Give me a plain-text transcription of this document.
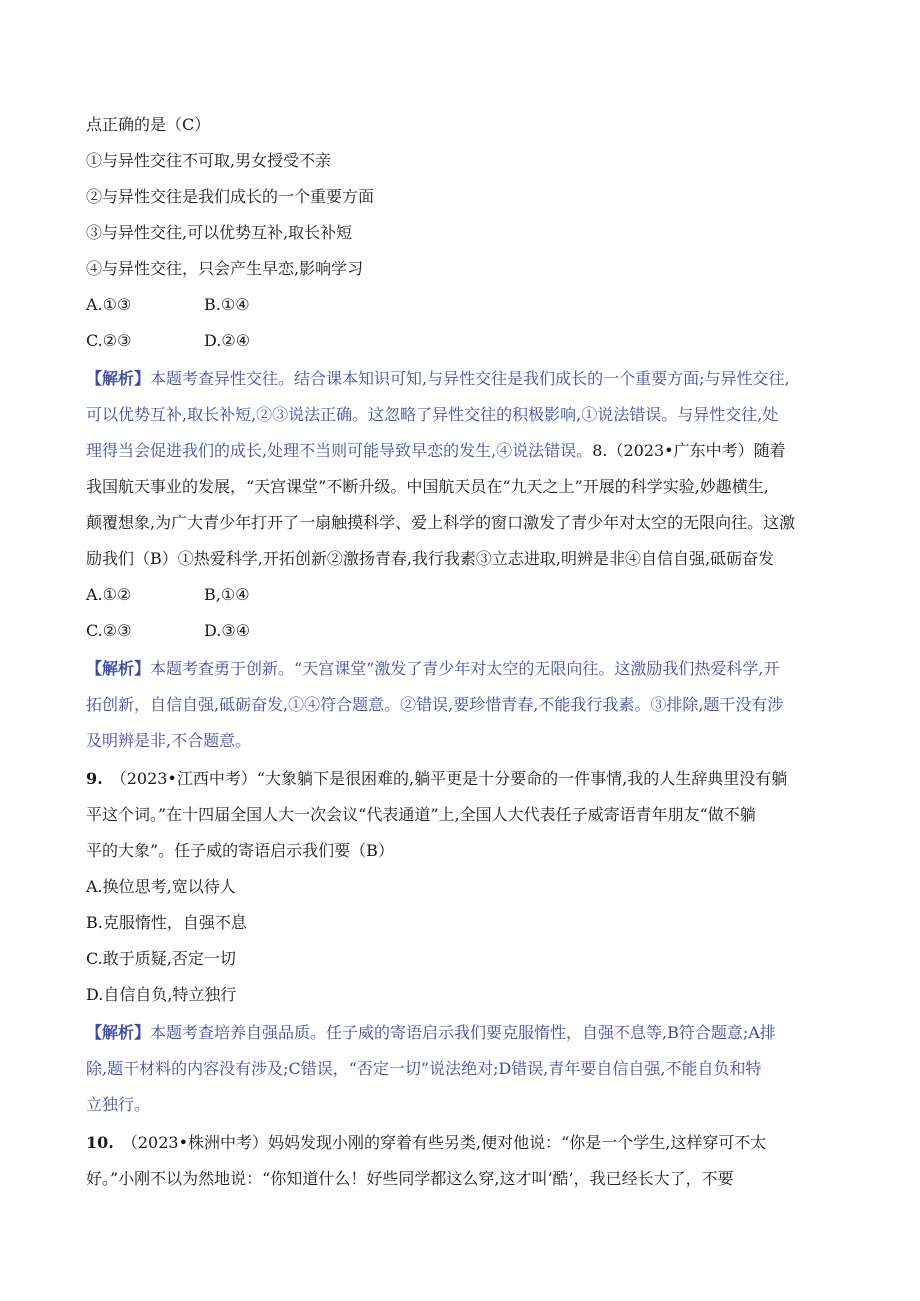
点正确的是（C）
①与异性交往不可取,男女授受不亲
②与异性交往是我们成长的一个重要方面
③与异性交往,可以优势互补,取长补短
④与异性交往，只会产生早恋,影响学习
A.①③	B.①④
C.②③	D.②④
【解析】本题考查异性交往。结合课本知识可知,与异性交往是我们成长的一个重要方面;与异性交往,
可以优势互补,取长补短,②③说法正确。这忽略了异性交往的积极影响,①说法错误。与异性交往,处
理得当会促进我们的成长,处理不当则可能导致早恋的发生,④说法错误。8.（2023•广东中考）随着
我国航天事业的发展，“天宫课堂”不断升级。中国航天员在“九天之上”开展的科学实验,妙趣横生,
颠覆想象,为广大青少年打开了一扇触摸科学、爱上科学的窗口激发了青少年对太空的无限向往。这激
励我们（B）①热爱科学,开拓创新②激扬青春,我行我素③立志进取,明辨是非④自信自强,砥砺奋发
A.①②	B,①④
C.②③	D.③④
【解析】本题考查勇于创新。“天宫课堂”激发了青少年对太空的无限向往。这激励我们热爱科学,开
拓创新，自信自强,砥砺奋发,①④符合题意。②错误,要珍惜青春,不能我行我素。③排除,题干没有涉
及明辨是非,不合题意。
9. （2023•江西中考）“大象躺下是很困难的,躺平更是十分要命的一件事情,我的人生辞典里没有躺
平这个词。”在十四届全国人大一次会议“代表通道”上,全国人大代表任子威寄语青年朋友“做不躺
平的大象”。任子威的寄语启示我们要（B）
A.换位思考,宽以待人
B.克服惰性，自强不息
C.敢于质疑,否定一切
D.自信自负,特立独行
【解析】本题考查培养自强品质。任子威的寄语启示我们要克服惰性，自强不息等,B符合题意;A排
除,题干材料的内容没有涉及;C错误，“否定一切”说法绝对;D错误,青年要自信自强,不能自负和特
立独行。
10. （2023•株洲中考）妈妈发现小刚的穿着有些另类,便对他说：“你是一个学生,这样穿可不太
好。”小刚不以为然地说：“你知道什么！好些同学都这么穿,这才叫‘酷’，我已经长大了，不要
